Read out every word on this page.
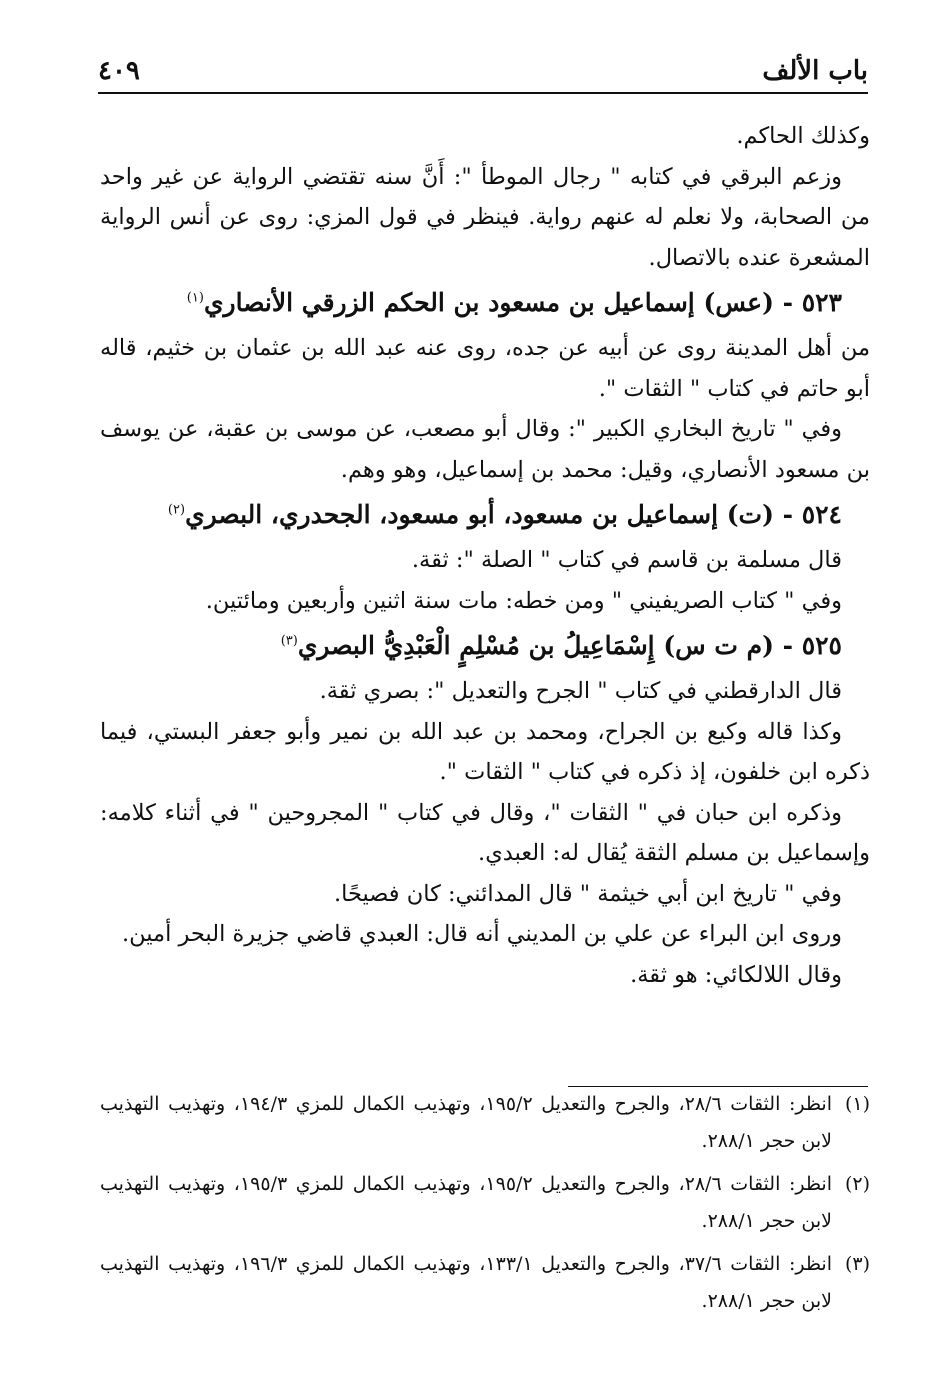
باب الألف
٤٠٩

وكذلك الحاكم.

وزعم البرقي في كتابه " رجال الموطأ ": أَنَّ سنه تقتضي الرواية عن غير واحد من الصحابة، ولا نعلم له عنهم رواية. فينظر في قول المزي: روى عن أنس الرواية المشعرة عنده بالاتصال.

٥٢٣ - (عس) إسماعيل بن مسعود بن الحكم الزرقي الأنصاري$^{(١)}$

من أهل المدينة روى عن أبيه عن جده، روى عنه عبد الله بن عثمان بن خثيم، قاله أبو حاتم في كتاب " الثقات ".

وفي " تاريخ البخاري الكبير ": وقال أبو مصعب، عن موسى بن عقبة، عن يوسف بن مسعود الأنصاري، وقيل: محمد بن إسماعيل، وهو وهم.

٥٢٤ - (ت) إسماعيل بن مسعود، أبو مسعود، الجحدري، البصري$^{(٢)}$

قال مسلمة بن قاسم في كتاب " الصلة ": ثقة.

وفي " كتاب الصريفيني " ومن خطه: مات سنة اثنين وأربعين ومائتين.

٥٢٥ - (م ت س) إِسْمَاعِيلُ بن مُسْلِمٍ الْعَبْدِيُّ البصري$^{(٣)}$

قال الدارقطني في كتاب " الجرح والتعديل ": بصري ثقة.

وكذا قاله وكيع بن الجراح، ومحمد بن عبد الله بن نمير وأبو جعفر البستي، فيما ذكره ابن خلفون، إذ ذكره في كتاب " الثقات ".

وذكره ابن حبان في " الثقات "، وقال في كتاب " المجروحين " في أثناء كلامه: وإسماعيل بن مسلم الثقة يُقال له: العبدي.

وفي " تاريخ ابن أبي خيثمة " قال المدائني: كان فصيحًا.

وروى ابن البراء عن علي بن المديني أنه قال: العبدي قاضي جزيرة البحر أمين.

وقال اللالكائي: هو ثقة.

(١)انظر: الثقات ٢٨/٦، والجرح والتعديل ١٩٥/٢، وتهذيب الكمال للمزي ١٩٤/٣، وتهذيب التهذيب لابن حجر ٢٨٨/١.
(٢)انظر: الثقات ٢٨/٦، والجرح والتعديل ١٩٥/٢، وتهذيب الكمال للمزي ١٩٥/٣، وتهذيب التهذيب لابن حجر ٢٨٨/١.
(٣)انظر: الثقات ٣٧/٦، والجرح والتعديل ١٣٣/١، وتهذيب الكمال للمزي ١٩٦/٣، وتهذيب التهذيب لابن حجر ٢٨٨/١.
